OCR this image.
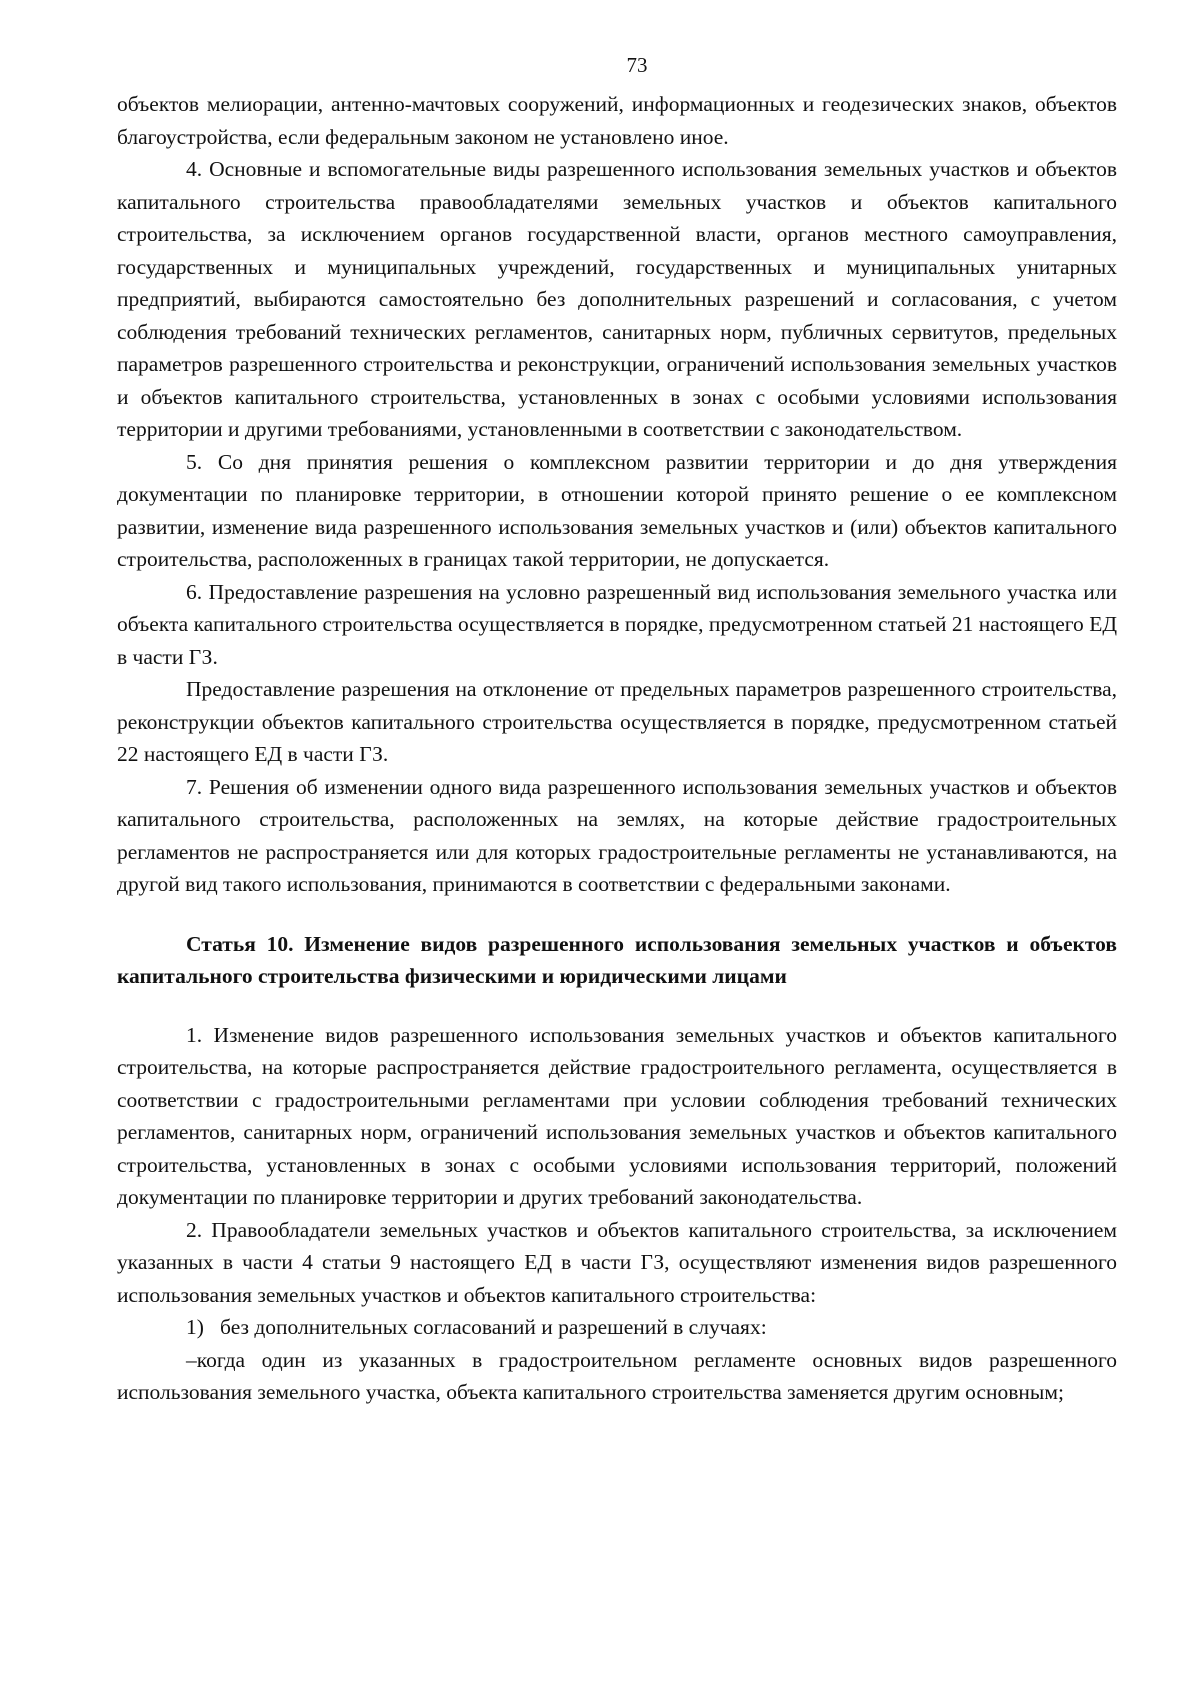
73

объектов мелиорации, антенно-мачтовых сооружений, информационных и геодезических знаков, объектов благоустройства, если федеральным законом не установлено иное.

4. Основные и вспомогательные виды разрешенного использования земельных участков и объектов капитального строительства правообладателями земельных участков и объектов капитального строительства, за исключением органов государственной власти, органов местного самоуправления, государственных и муниципальных учреждений, государственных и муниципальных унитарных предприятий, выбираются самостоятельно без дополнительных разрешений и согласования, с учетом соблюдения требований технических регламентов, санитарных норм, публичных сервитутов, предельных параметров разрешенного строительства и реконструкции, ограничений использования земельных участков и объектов капитального строительства, установленных в зонах с особыми условиями использования территории и другими требованиями, установленными в соответствии с законодательством.

5. Со дня принятия решения о комплексном развитии территории и до дня утверждения документации по планировке территории, в отношении которой принято решение о ее комплексном развитии, изменение вида разрешенного использования земельных участков и (или) объектов капитального строительства, расположенных в границах такой территории, не допускается.

6. Предоставление разрешения на условно разрешенный вид использования земельного участка или объекта капитального строительства осуществляется в порядке, предусмотренном статьей 21 настоящего ЕД в части ГЗ.

Предоставление разрешения на отклонение от предельных параметров разрешенного строительства, реконструкции объектов капитального строительства осуществляется в порядке, предусмотренном статьей 22 настоящего ЕД в части ГЗ.

7. Решения об изменении одного вида разрешенного использования земельных участков и объектов капитального строительства, расположенных на землях, на которые действие градостроительных регламентов не распространяется или для которых градостроительные регламенты не устанавливаются, на другой вид такого использования, принимаются в соответствии с федеральными законами.

Статья 10. Изменение видов разрешенного использования земельных участков и объектов капитального строительства физическими и юридическими лицами

1. Изменение видов разрешенного использования земельных участков и объектов капитального строительства, на которые распространяется действие градостроительного регламента, осуществляется в соответствии с градостроительными регламентами при условии соблюдения требований технических регламентов, санитарных норм, ограничений использования земельных участков и объектов капитального строительства, установленных в зонах с особыми условиями использования территорий, положений документации по планировке территории и других требований законодательства.

2. Правообладатели земельных участков и объектов капитального строительства, за исключением указанных в части 4 статьи 9 настоящего ЕД в части ГЗ, осуществляют изменения видов разрешенного использования земельных участков и объектов капитального строительства:

1)   без дополнительных согласований и разрешений в случаях:

–когда один из указанных в градостроительном регламенте основных видов разрешенного использования земельного участка, объекта капитального строительства заменяется другим основным;
